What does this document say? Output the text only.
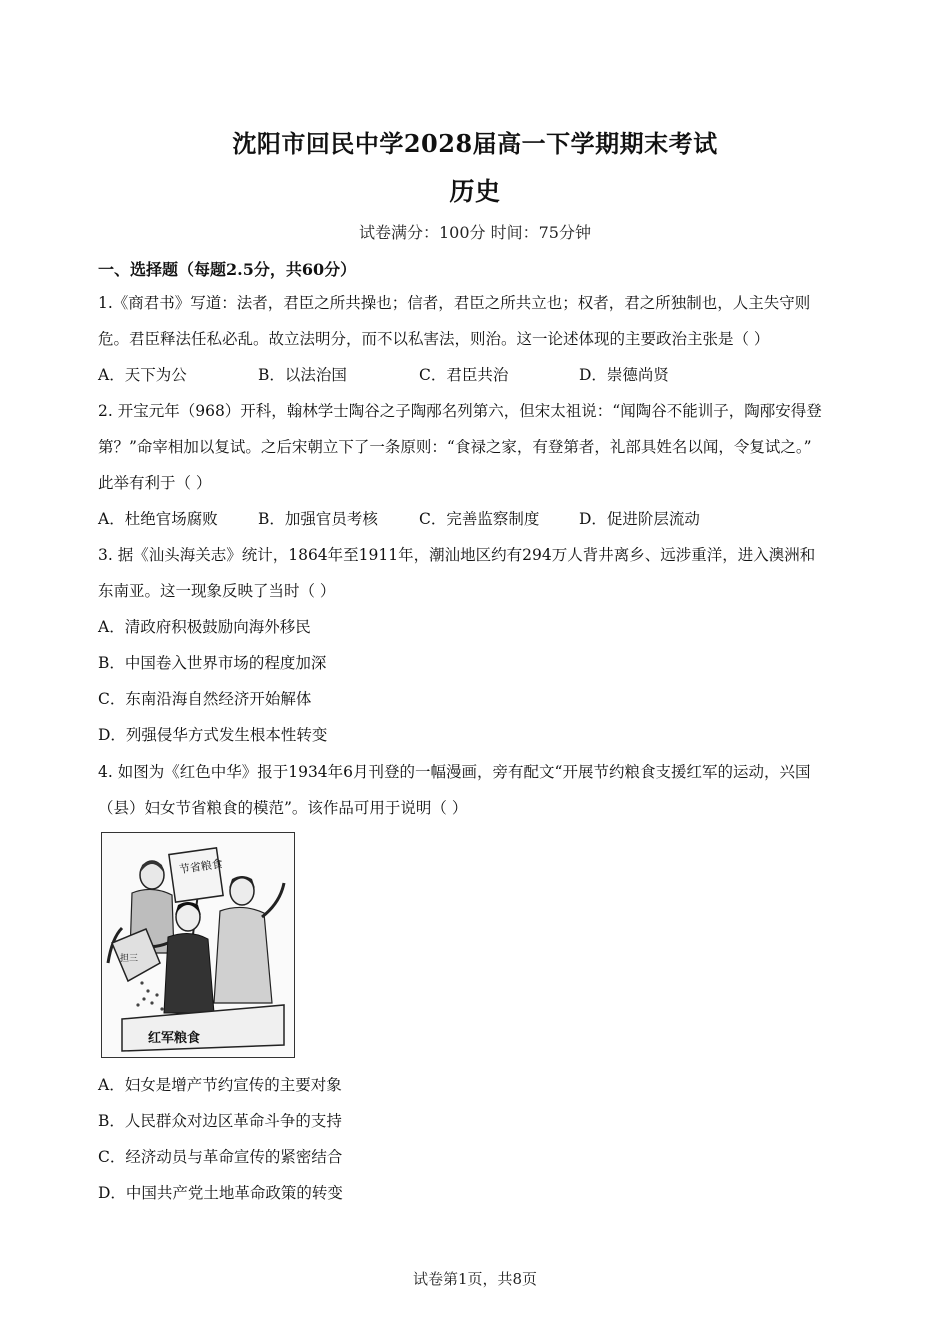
沈阳市回民中学2028届高一下学期期末考试
历史
试卷满分：100分 时间：75分钟
一、选择题（每题2.5分，共60分）
1.《商君书》写道：法者，君臣之所共操也；信者，君臣之所共立也；权者，君之所独制也，人主失守则
危。君臣释法任私必乱。故立法明分，而不以私害法，则治。这一论述体现的主要政治主张是（ ）
A．天下为公	B．以法治国	C．君臣共治	D．崇德尚贤
2. 开宝元年（968）开科，翰林学士陶谷之子陶邴名列第六，但宋太祖说：“闻陶谷不能训子，陶邴安得登
第？”命宰相加以复试。之后宋朝立下了一条原则：“食禄之家，有登第者，礼部具姓名以闻，令复试之。”
此举有利于（ ）
A．杜绝官场腐败	B．加强官员考核	C．完善监察制度	D．促进阶层流动
3. 据《汕头海关志》统计，1864年至1911年，潮汕地区约有294万人背井离乡、远涉重洋，进入澳洲和
东南亚。这一现象反映了当时（ ）
A．清政府积极鼓励向海外移民
B．中国卷入世界市场的程度加深
C．东南沿海自然经济开始解体
D．列强侵华方式发生根本性转变
4. 如图为《红色中华》报于1934年6月刊登的一幅漫画，旁有配文“开展节约粮食支援红军的运动，兴国
（县）妇女节省粮食的模范”。该作品可用于说明（ ）
节省粮食
担三
红军粮食
A．妇女是增产节约宣传的主要对象
B．人民群众对边区革命斗争的支持
C．经济动员与革命宣传的紧密结合
D．中国共产党土地革命政策的转变
试卷第1页，共8页
